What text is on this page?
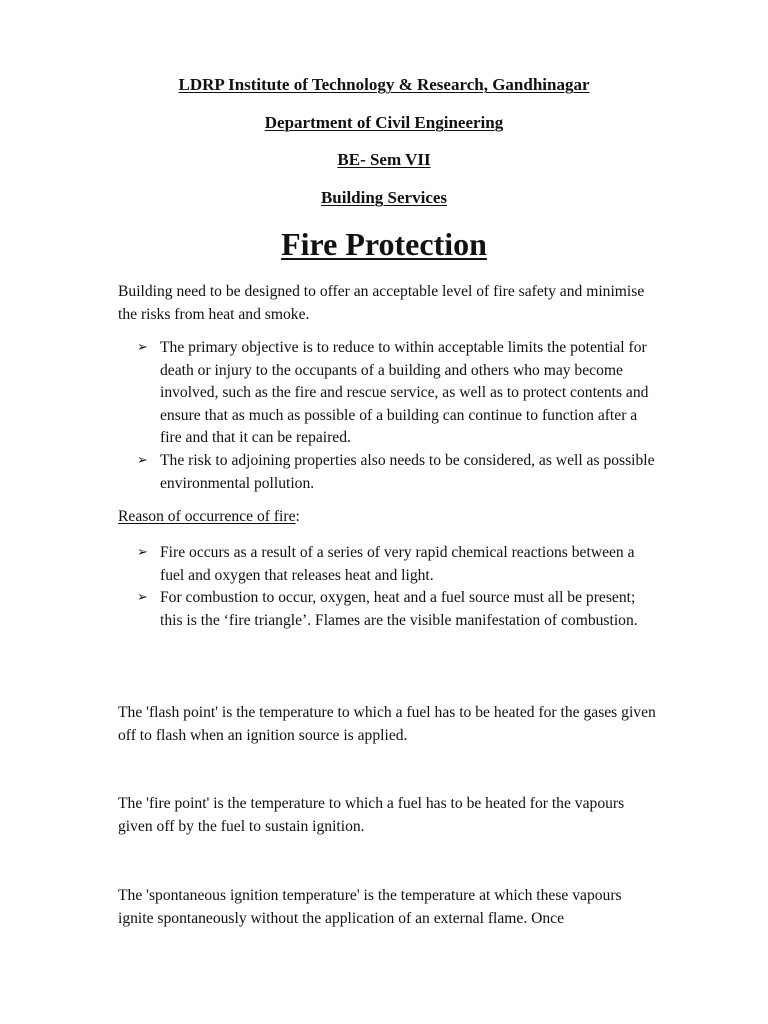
LDRP Institute of Technology & Research, Gandhinagar
Department of Civil Engineering
BE- Sem VII
Building Services
Fire Protection

Building need to be designed to offer an acceptable level of fire safety and minimise the risks from heat and smoke.

➢ The primary objective is to reduce to within acceptable limits the potential for death or injury to the occupants of a building and others who may become involved, such as the fire and rescue service, as well as to protect contents and ensure that as much as possible of a building can continue to function after a fire and that it can be repaired.
➢ The risk to adjoining properties also needs to be considered, as well as possible environmental pollution.
Reason of occurrence of fire:
➢ Fire occurs as a result of a series of very rapid chemical reactions between a fuel and oxygen that releases heat and light.
➢ For combustion to occur, oxygen, heat and a fuel source must all be present; this is the ‘fire triangle’. Flames are the visible manifestation of combustion.

The 'flash point' is the temperature to which a fuel has to be heated for the gases given off to flash when an ignition source is applied.

The 'fire point' is the temperature to which a fuel has to be heated for the vapours given off by the fuel to sustain ignition.

The 'spontaneous ignition temperature' is the temperature at which these vapours ignite spontaneously without the application of an external flame. Once
